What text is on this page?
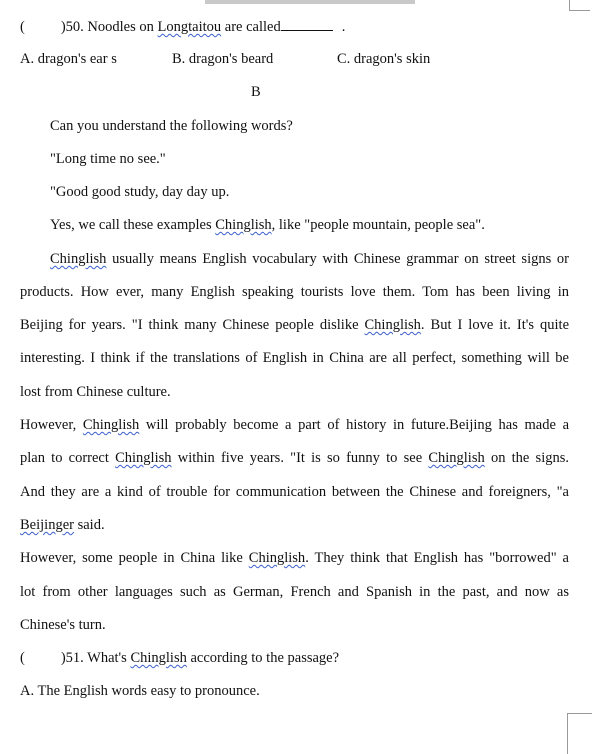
( )50. Noodles on Longtaitou are called	.
A. dragon's ear s	B. dragon's beard	C. dragon's skin
B
Can you understand the following words?
"Long time no see."
"Good good study, day day up.
Yes, we call these examples Chinglish, like "people mountain, people sea".
Chinglish usually means English vocabulary with Chinese grammar on street signs or
products. How ever, many English speaking tourists love them. Tom has been living in
Beijing for years. "I think many Chinese people dislike Chinglish. But I love it. It's quite
interesting. I think if the translations of English in China are all perfect, something will be
lost from Chinese culture.
However, Chinglish will probably become a part of history in future.Beijing has made a
plan to correct Chinglish within five years. "It is so funny to see Chinglish on the signs.
And they are a kind of trouble for communication between the Chinese and foreigners, "a
Beijinger said.
However, some people in China like Chinglish. They think that English has "borrowed" a
lot from other languages such as German, French and Spanish in the past, and now as
Chinese's turn.
( )51. What's Chinglish according to the passage?
A. The English words easy to pronounce.
